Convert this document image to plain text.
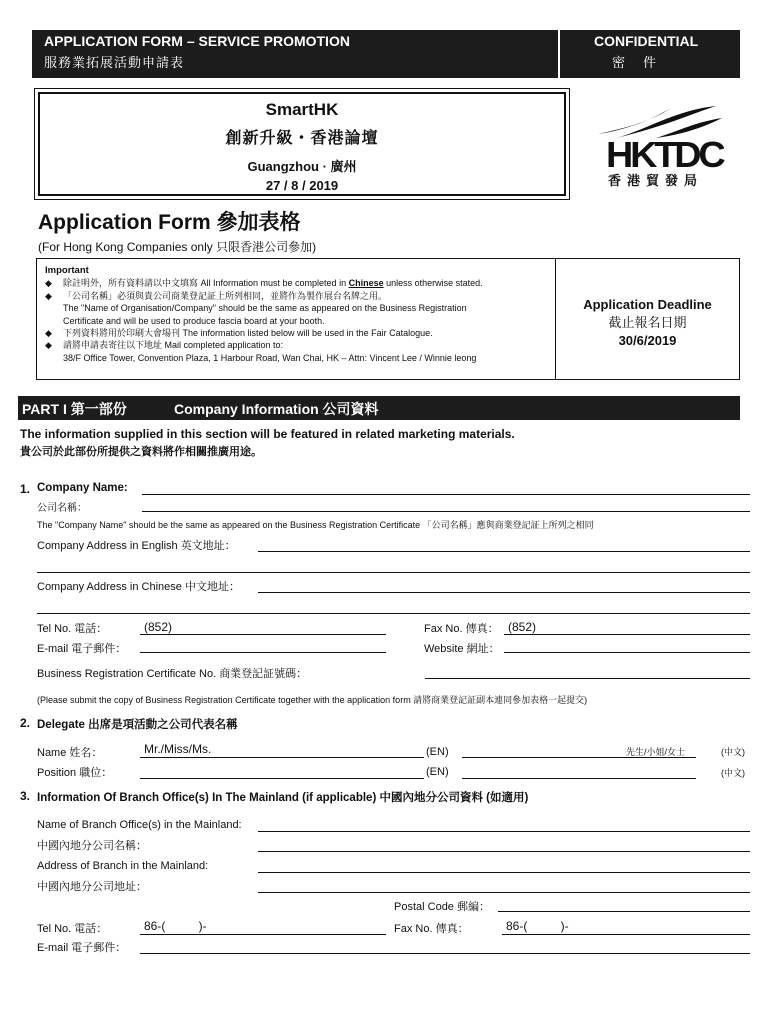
APPLICATION FORM – SERVICE PROMOTION
服務業拓展活動申請表
CONFIDENTIAL
密件
SmartHK
創新升級・香港論壇
Guangzhou · 廣州
27 / 8 / 2019
HKTDC
香港貿發局
Application Form 參加表格
(For Hong Kong Companies only 只限香港公司參加)
Important
◆ 除註明外，所有資料請以中文填寫 All Information must be completed in Chinese unless otherwise stated.
◆ 「公司名稱」必須與貴公司商業登記証上所列相同，並將作為製作展台名牌之用。
The "Name of Organisation/Company" should be the same as appeared on the Business Registration
Certificate and will be used to produce fascia board at your booth.
◆ 下列資料將用於印刷大會場刊 The information listed below will be used in the Fair Catalogue.
◆ 請將申請表寄往以下地址 Mail completed application to:
38/F Office Tower, Convention Plaza, 1 Harbour Road, Wan Chai, HK – Attn: Vincent Lee / Winnie leong
Application Deadline
截止報名日期
30/6/2019
PART I 第一部份	Company Information 公司資料
The information supplied in this section will be featured in related marketing materials.
貴公司於此部份所提供之資料將作相關推廣用途。
1. Company Name:
公司名稱：
The "Company Name" should be the same as appeared on the Business Registration Certificate 「公司名稱」應與商業登記証上所列之相同
Company Address in English 英文地址：
Company Address in Chinese 中文地址：
Tel No. 電話：	(852)	Fax No. 傳真： (852)
E-mail 電子郵件：	Website 網址：
Business Registration Certificate No. 商業登記証號碼：
(Please submit the copy of Business Registration Certificate together with the application form 請將商業登記証副本連同參加表格一起提交)
2. Delegate 出席是項活動之公司代表名稱
Name 姓名：	Mr./Miss/Ms.	(EN)	先生/小姐/女士	(中文)
Position 職位：	(EN)	(中文)
3. Information Of Branch Office(s) In The Mainland (if applicable) 中國內地分公司資料 (如適用)
Name of Branch Office(s) in the Mainland:
中國內地分公司名稱：
Address of Branch in the Mainland:
中國內地分公司地址：
Postal Code 郵編：
Tel No. 電話：	86-(          )-	Fax No. 傳真：	86-(          )-
E-mail 電子郵件：
